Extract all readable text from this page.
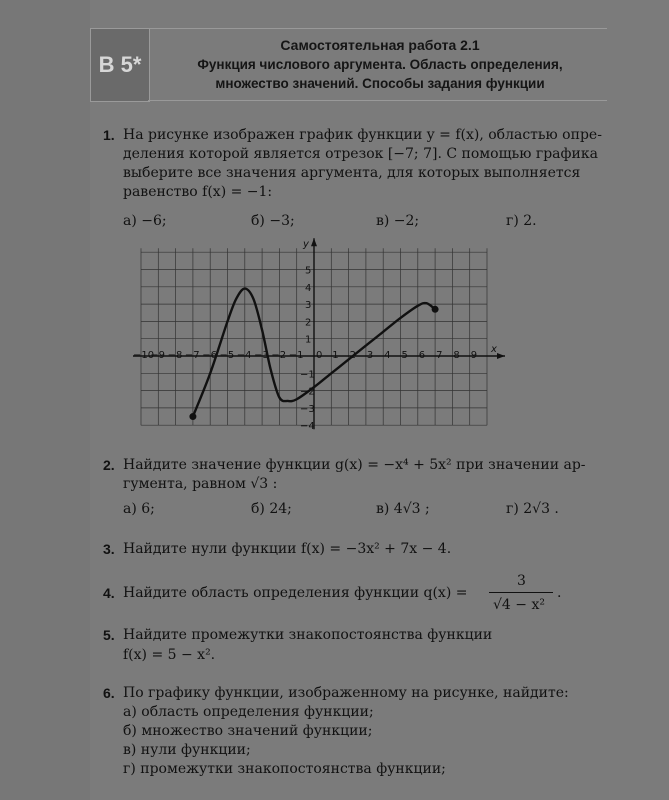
В 5*
Самостоятельная работа 2.1
Функция числового аргумента. Область определения,
множество значений. Способы задания функции
1. На рисунке изображен график функции y = f(x), областью опре-
деления которой является отрезок [−7; 7]. С помощью графика
выберите все значения аргумента, для которых выполняется
равенство f(x) = −1:
а) −6;	б) −3;	в) −2;	г) 2.
x
y
−10
−9 −8 −7 −6 −5 −4 −3 −2 −1 0 1 2 3 4 5 6 7 8 9
−4
−3
−2
−1
1
2
3
4
5
2. Найдите значение функции g(x) = −x⁴ + 5x² при значении ар-
гумента, равном √3 :
а) 6;	б) 24;	в) 4√3 ;	г) 2√3 .
3. Найдите нули функции f(x) = −3x² + 7x − 4.
4. Найдите область определения функции q(x) =
3
√4 − x²
.
5. Найдите промежутки знакопостоянства функции
f(x) = 5 − x².
6. По графику функции, изображенному на рисунке, найдите:
а) область определения функции;
б) множество значений функции;
в) нули функции;
г) промежутки знакопостоянства функции;
